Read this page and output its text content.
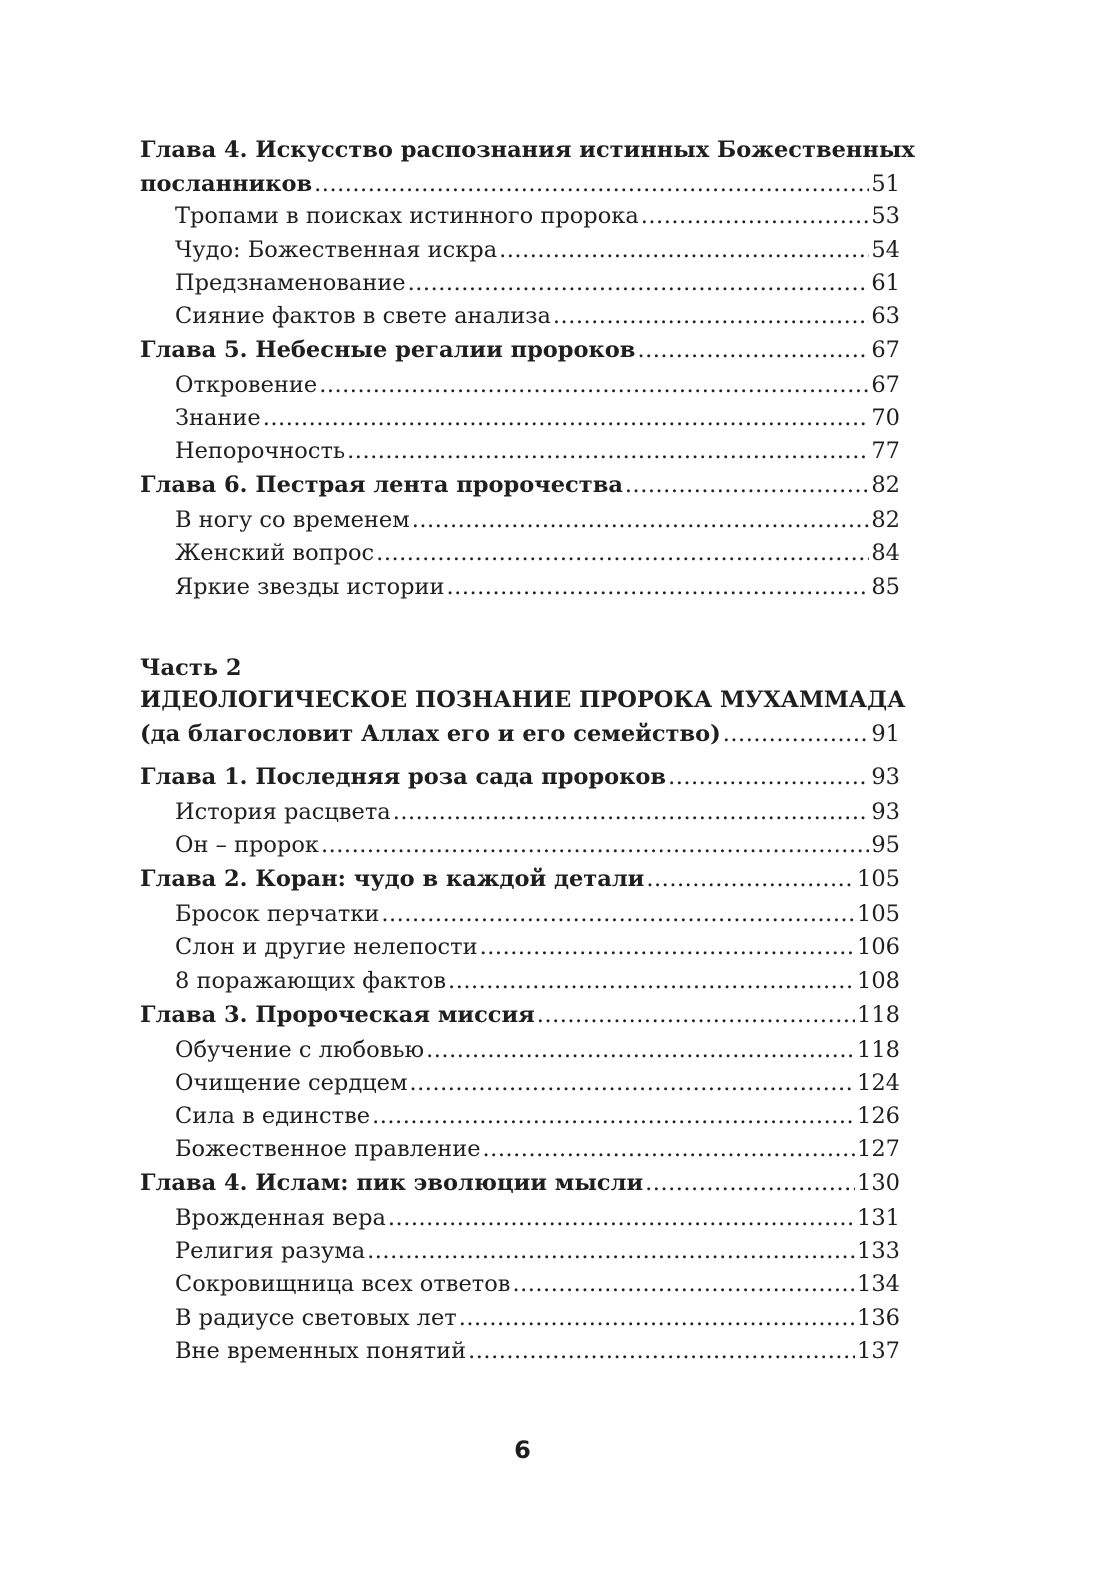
Глава 4. Искусство распознания истинных Божественных
посланников .....	51
Тропами в поисках истинного пророка .....	53
Чудо: Божественная искра .....	54
Предзнаменование .....	61
Сияние фактов в свете анализа .....	63
Глава 5. Небесные регалии пророков .....	67
Откровение .....	67
Знание .....	70
Непорочность .....	77
Глава 6. Пестрая лента пророчества .....	82
В ногу со временем .....	82
Женский вопрос .....	84
Яркие звезды истории .....	85
Часть 2
ИДЕОЛОГИЧЕСКОЕ ПОЗНАНИЕ ПРОРОКА МУХАММАДА
(да благословит Аллах его и его семейство) .....	91
Глава 1. Последняя роза сада пророков .....	93
История расцвета .....	93
Он – пророк .....	95
Глава 2. Коран: чудо в каждой детали .....	105
Бросок перчатки .....	105
Слон и другие нелепости .....	106
8 поражающих фактов .....	108
Глава 3. Пророческая миссия .....	118
Обучение с любовью .....	118
Очищение сердцем .....	124
Сила в единстве .....	126
Божественное правление .....	127
Глава 4. Ислам: пик эволюции мысли .....	130
Врожденная вера .....	131
Религия разума .....	133
Сокровищница всех ответов .....	134
В радиусе световых лет .....	136
Вне временных понятий .....	137
6
